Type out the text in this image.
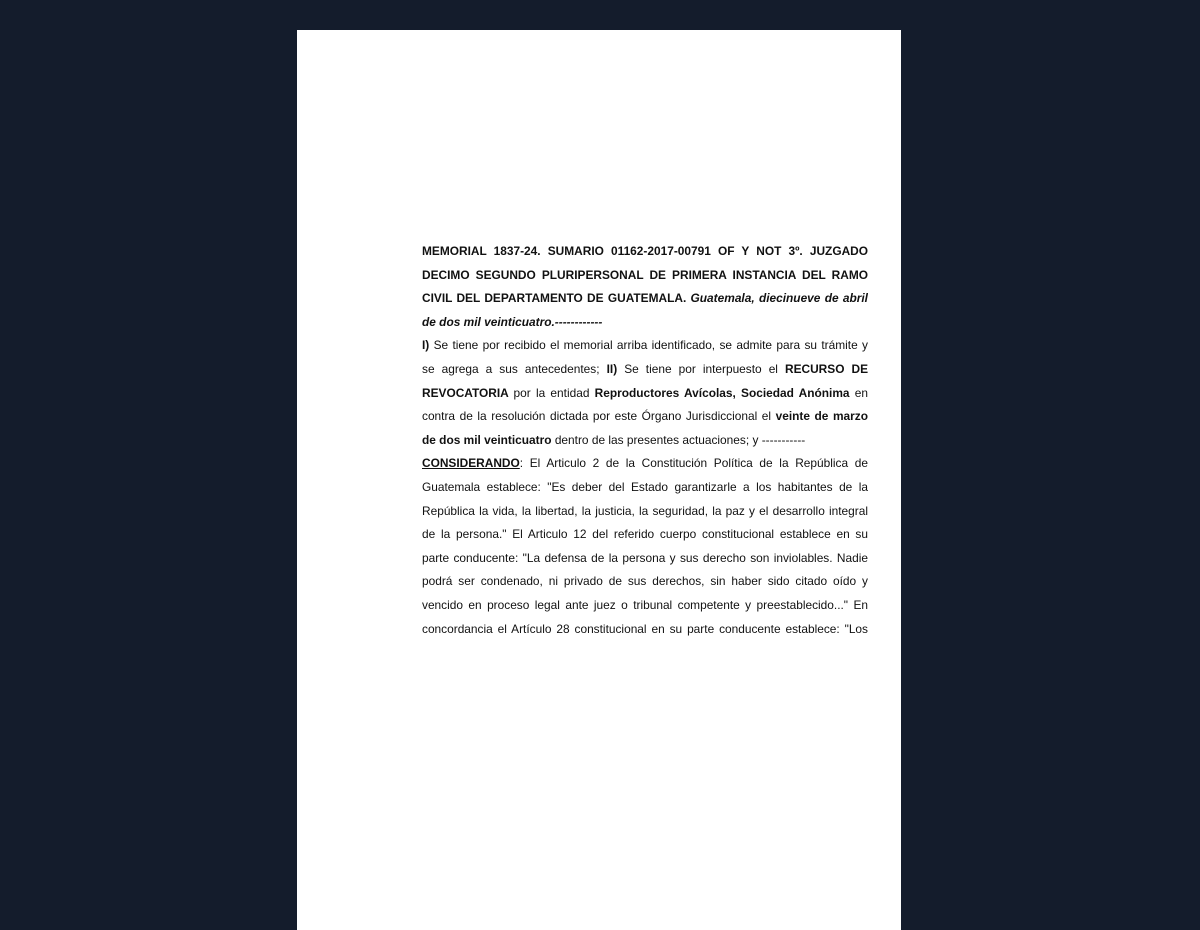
MEMORIAL 1837-24. SUMARIO 01162-2017-00791 OF Y NOT 3º. JUZGADO
DECIMO SEGUNDO PLURIPERSONAL DE PRIMERA INSTANCIA DEL RAMO
CIVIL DEL DEPARTAMENTO DE GUATEMALA. Guatemala, diecinueve de abril
de dos mil veinticuatro.------------
I) Se tiene por recibido el memorial arriba identificado, se admite para su trámite y
se agrega a sus antecedentes; II) Se tiene por interpuesto el RECURSO DE
REVOCATORIA por la entidad Reproductores Avícolas, Sociedad Anónima en
contra de la resolución dictada por este Órgano Jurisdiccional el veinte de marzo
de dos mil veinticuatro dentro de las presentes actuaciones; y -----------
CONSIDERANDO: El Articulo 2 de la Constitución Política de la República de
Guatemala establece: "Es deber del Estado garantizarle a los habitantes de la
República la vida, la libertad, la justicia, la seguridad, la paz y el desarrollo integral
de la persona." El Articulo 12 del referido cuerpo constitucional establece en su
parte conducente: "La defensa de la persona y sus derecho son inviolables. Nadie
podrá ser condenado, ni privado de sus derechos, sin haber sido citado oído y
vencido en proceso legal ante juez o tribunal competente y preestablecido..." En
concordancia el Artículo 28 constitucional en su parte conducente establece: "Los
